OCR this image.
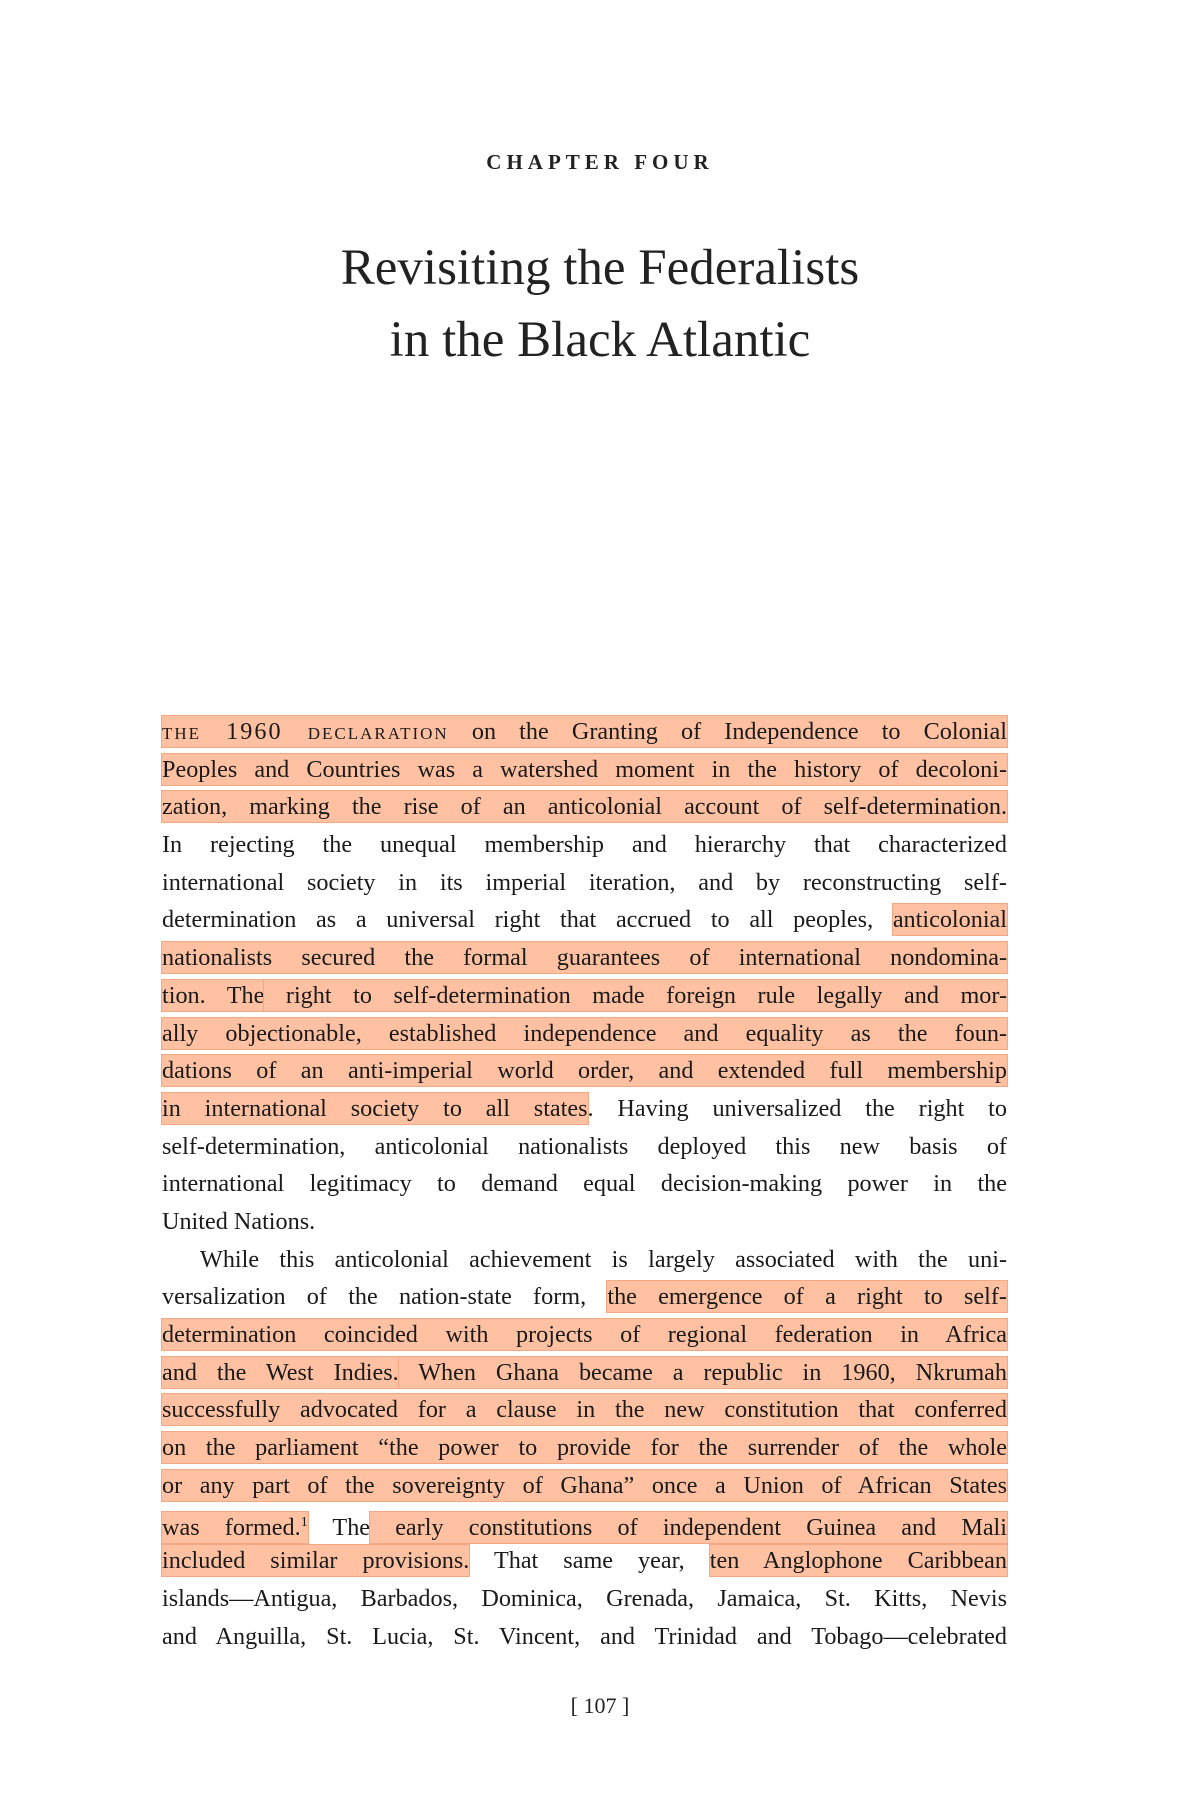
CHAPTER FOUR
Revisiting the Federalists
in the Black Atlantic
the 1960 declaration on the Granting of Independence to Colonial
Peoples and Countries was a watershed moment in the history of decoloni-
zation, marking the rise of an anticolonial account of self-determination.
In rejecting the unequal membership and hierarchy that characterized
international society in its imperial iteration, and by reconstructing self-
determination as a universal right that accrued to all peoples, anticolonial
nationalists secured the formal guarantees of international nondomina-
tion. The right to self-determination made foreign rule legally and mor-
ally objectionable, established independence and equality as the foun-
dations of an anti-imperial world order, and extended full membership
in international society to all states. Having universalized the right to
self-determination, anticolonial nationalists deployed this new basis of
international legitimacy to demand equal decision-making power in the
United Nations.
While this anticolonial achievement is largely associated with the uni-
versalization of the nation-state form, the emergence of a right to self-
determination coincided with projects of regional federation in Africa
and the West Indies. When Ghana became a republic in 1960, Nkrumah
successfully advocated for a clause in the new constitution that conferred
on the parliament “the power to provide for the surrender of the whole
or any part of the sovereignty of Ghana” once a Union of African States
was formed.$^1$ The early constitutions of independent Guinea and Mali
included similar provisions. That same year, ten Anglophone Caribbean
islands—Antigua, Barbados, Dominica, Grenada, Jamaica, St. Kitts, Nevis
and Anguilla, St. Lucia, St. Vincent, and Trinidad and Tobago—celebrated
[ 107 ]
